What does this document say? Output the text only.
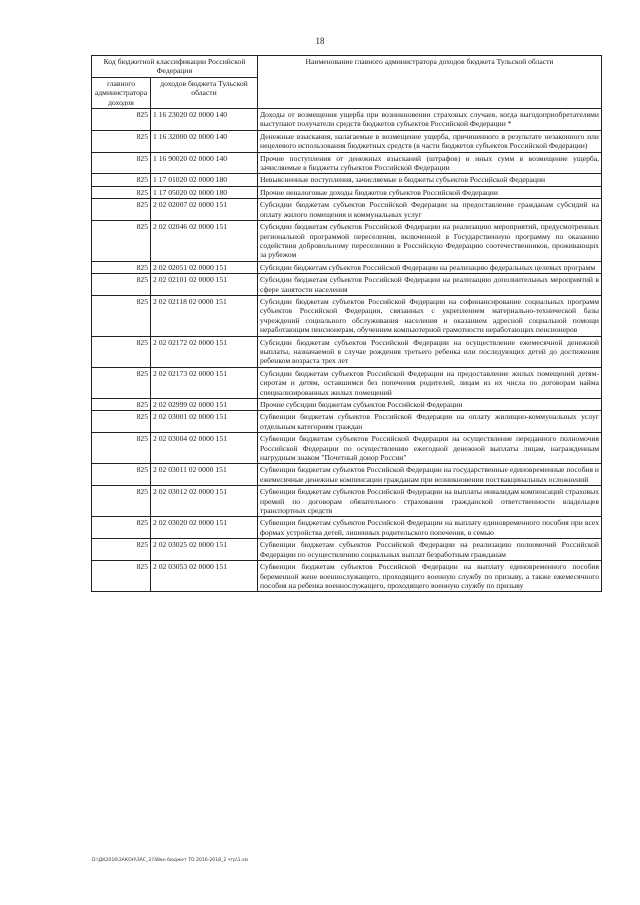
18
Код бюджетной классификации Российской Федерации		Наименование главного администратора доходов бюджета Тульской области
главного администратора доходов	доходов бюджета Тульской области	
825	1 16 23020 02 0000 140	Доходы от возмещения ущерба при возникновении страховых случаев, когда выгодоприобретателями выступают получатели средств бюджетов субъектов Российской Федерации *
825	1 16 32000 02 0000 140	Денежные взыскания, налагаемые в возмещение ущерба, причиненного в результате незаконного или нецелевого использования бюджетных средств (в части бюджетов субъектов Российской Федерации)
825	1 16 90020 02 0000 140	Прочие поступления от денежных взысканий (штрафов) и иных сумм в возмещение ущерба, зачисляемые в бюджеты субъектов Российской Федерации
825	1 17 01020 02 0000 180	Невыясненные поступления, зачисляемые в бюджеты субъектов Российской Федерации
825	1 17 05020 02 0000 180	Прочие неналоговые доходы бюджетов субъектов Российской Федерации
825	2 02 02007 02 0000 151	Субсидии бюджетам субъектов Российской Федерации на предоставление гражданам субсидий на оплату жилого помещения и коммунальных услуг
825	2 02 02046 02 0000 151	Субсидии бюджетам субъектов Российской Федерации на реализацию мероприятий, предусмотренных региональной программой переселения, включенной в Государственную программу по оказанию содействия добровольному переселению в Российскую Федерацию соотечественников, проживающих за рубежом
825	2 02 02051 02 0000 151	Субсидии бюджетам субъектов Российской Федерации на реализацию федеральных целевых программ
825	2 02 02101 02 0000 151	Субсидии бюджетам субъектов Российской Федерации на реализацию дополнительных мероприятий в сфере занятости населения
825	2 02 02118 02 0000 151	Субсидии бюджетам субъектов Российской Федерации на софинансирование социальных программ субъектов Российской Федерации, связанных с укреплением материально-технической базы учреждений социального обслуживания населения и оказанием адресной социальной помощи неработающим пенсионерам, обучением компьютерной грамотности неработающих пенсионеров
825	2 02 02172 02 0000 151	Субсидии бюджетам субъектов Российской Федерации на осуществление ежемесячной денежной выплаты, назначаемой в случае рождения третьего ребенка или последующих детей до достижения ребенком возраста трех лет
825	2 02 02173 02 0000 151	Субсидии бюджетам субъектов Российской Федерации на предоставление жилых помещений детям-сиротам и детям, оставшимся без попечения родителей, лицам из их числа по договорам найма специализированных жилых помещений
825	2 02 02999 02 0000 151	Прочие субсидии бюджетам субъектов Российской Федерации
825	2 02 03001 02 0000 151	Субвенции бюджетам субъектов Российской Федерации на оплату жилищно-коммунальных услуг отдельным категориям граждан
825	2 02 03004 02 0000 151	Субвенции бюджетам субъектов Российской Федерации на осуществление переданного полномочия Российской Федерации по осуществлению ежегодной денежной выплаты лицам, награжденным нагрудным знаком "Почетный донор России"
825	2 02 03011 02 0000 151	Субвенции бюджетам субъектов Российской Федерации на государственные единовременные пособия и ежемесячные денежные компенсации гражданам при возникновении поствакцинальных осложнений
825	2 02 03012 02 0000 151	Субвенции бюджетам субъектов Российской Федерации на выплаты инвалидам компенсаций страховых премий по договорам обязательного страхования гражданской ответственности владельцев транспортных средств
825	2 02 03020 02 0000 151	Субвенции бюджетам субъектов Российской Федерации на выплату единовременного пособия при всех формах устройства детей, лишенных родительского попечения, в семью
825	2 02 03025 02 0000 151	Субвенции бюджетам субъектов Российской Федерации на реализацию полномочий Российской Федерации по осуществлению социальных выплат безработным гражданам
825	2 02 03053 02 0000 151	Субвенции бюджетам субъектов Российской Федерации на выплату единовременного пособия беременной жене военнослужащего, проходящего военную службу по призыву, а также ежемесячного пособия на ребенка военнослужащего, проходящего военную службу по призыву
D:\ДК2016\ЗАКОН\ЗАС_3748вн бюджет ТО 2016-2018_2 чтр\1.xls
